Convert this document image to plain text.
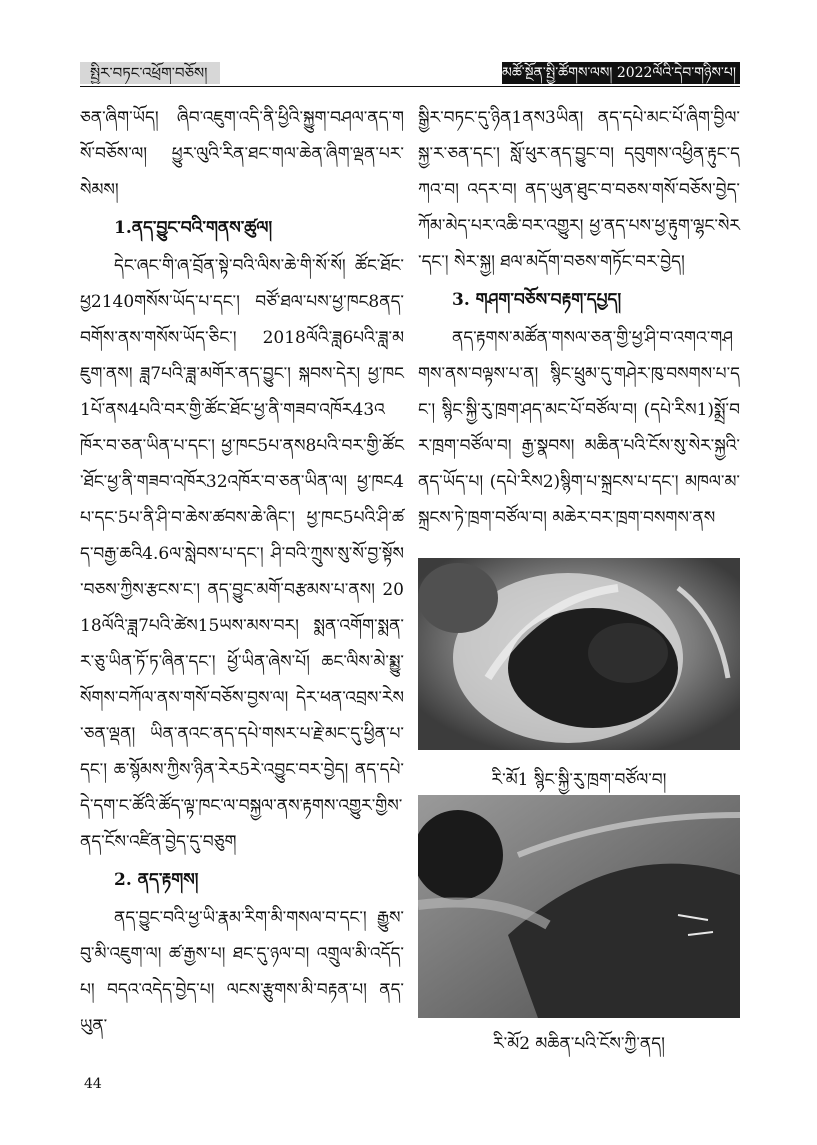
སྤྱིར་བཏང་འཕྲོག་བཅོས།	མཚོ་སྔོན་སྤྱི་ཚོགས་ལས། 2022ལོའི་དེབ་གཉིས་པ།

ཅན་ཞིག་ཡོད། ཞིབ་འཇུག་འདི་ནི་ཕྱིའི་སྐྱུག་བཤལ་ནད་གསོ་བཅོས་ལ། ཕྱུར་ལུའི་རིན་ཐང་གལ་ཆེན་ཞིག་ལྡན་པར་སེམས།

1.ནད་བྱུང་བའི་གནས་ཚུལ།

དེང་ཞང་གི་ཞ་བྲོན་སྟེ་བའི་ལིས་ཆེ་གི་སོ་སོ། ཚོང་ཐོང་ཕྱ2140གསོས་ཡོད་པ་དང་། བཙོ་ཐལ་པས་ཕྱ་ཁང8ནད་བགོས་ནས་གསོས་ཡོད་ཅིང་། 2018ལོའི་ཟླ6པའི་ཟླ་མཇུག་ནས། ཟླ7པའི་ཟླ་མགོར་ནད་བྱུང་། སྐབས་དེར། ཕྱ་ཁང1པོ་ནས4པའི་བར་གྱི་ཚོང་ཐོང་ཕྱ་ནི་གཟབ་འཁོར43འཁོར་བ་ཅན་ཡིན་པ་དང་། ཕྱ་ཁང5པ་ནས8པའི་བར་གྱི་ཚོང་ཐོང་ཕྱ་ནི་གཟབ་འཁོར32འཁོར་བ་ཅན་ཡིན་ལ། ཕྱ་ཁང4པ་དང་5པ་ནི་ཤི་བ་ཆེས་ཚབས་ཆེ་ཞིང་། ཕྱ་ཁང5པའི་ཤི་ཚད་བརྒྱ་ཆའི4.6ལ་སླེབས་པ་དང་། ཤི་བའི་ཀྲུས་སུ་སོ་བྱ་སྟོས་བཅས་ཀྱིས་རྩངས་ང་། ནད་བྱུང་མགོ་བརྩམས་པ་ནས། 2018ལོའི་ཟླ7པའི་ཚེས15ཡས་མས་བར། སྨན་འགོག་སྨན་ར་ཅུ་ཡིན་ཏོ་ཏ་ཞིན་དང་། ཕྱོ་ཡིན་ཞེས་པོ། ཆང་ལིས་མེ་སྨྱུ་སོགས་བཀོལ་ནས་གསོ་བཅོས་བྱས་ལ། དེར་ཕན་འབྲས་རེས་ཅན་ལྡན། ཡིན་ནའང་ནད་དཔེ་གསར་པ་རྗེ་མང་དུ་ཕྱིན་པ་དང་། ཆ་སྙོམས་ཀྱིས་ཉིན་རེར5རེ་འབྱུང་བར་བྱེད། ནད་དཔེ་དེ་དག་ང་ཚོའི་ཚོད་ལྟ་ཁང་ལ་བསྐྱལ་ནས་རྟགས་འགྱུར་གྱིས་ནད་ངོས་འཛིན་བྱེད་དུ་བཅུག

2. ནད་རྟགས།

ནད་བྱུང་བའི་ཕྱ་ཡི་རྣམ་རིག་མི་གསལ་བ་དང་། རྒྱུས་བུ་མི་འཇུག་ལ། ཚ་རྒྱས་པ། ཐང་དུ་ཉལ་བ། འགྲུལ་མི་འདོད་པ། བདའ་འདེད་བྱེད་པ། ལངས་རྩུགས་མི་བརྟན་པ། ནད་ཡུན་

སྒྱིར་བཏང་དུ་ཉིན1ནས3ཡིན། ནད་དཔེ་མང་པོ་ཞིག་བྱིལ་སྐྱ་ར་ཅན་དང་། སློ་ཕུར་ནད་བྱུང་བ། དབུགས་འཕྱིན་རྟུང་དཀའ་བ། འདར་བ། ནད་ཡུན་ཐུང་བ་བཅས་གསོ་བཅོས་བྱེད་ཀོམ་མེད་པར་འཆི་བར་འགྱུར། ཕྱ་ནད་པས་ཕྱ་རྟུག་ལྷང་སེར་དང་། སེར་སྐྱ། ཐལ་མདོག་བཅས་གཏོང་བར་བྱེད།

3. གཤག་བཅོས་བརྟག་དཔྱད།

ནད་རྟགས་མཚོན་གསལ་ཅན་གྱི་ཕྱ་ཤི་བ་འགའ་གཤགས་ནས་བལྟས་པ་ན། སྙིང་ཕྲུམ་དུ་གཤེར་ཁུ་བསགས་པ་དང་། སྙིང་སྐྱི་རུ་ཁྲག་ཤད་མང་པོ་བཙོལ་བ། (དཔེ་རིས1)སྨྲོ་བར་ཁྲག་བཙོལ་བ། རྒྱ་སྣབས། མཆིན་པའི་ངོས་སུ་སེར་སྐྱའི་ནད་ཡོད་པ། (དཔེ་རིས2)སྙིག་པ་སྐྲངས་པ་དང་། མཁལ་མ་སྐྲངས་ཏེ་ཁྲག་བཙོལ་བ། མཆེར་བར་ཁྲག་བསགས་ནས

རི་མོ1 སྙིང་སྐྱི་རུ་ཁྲག་བཙོལ་བ།
རི་མོ2 མཆིན་པའི་ངོས་ཀྱི་ནད།
44
